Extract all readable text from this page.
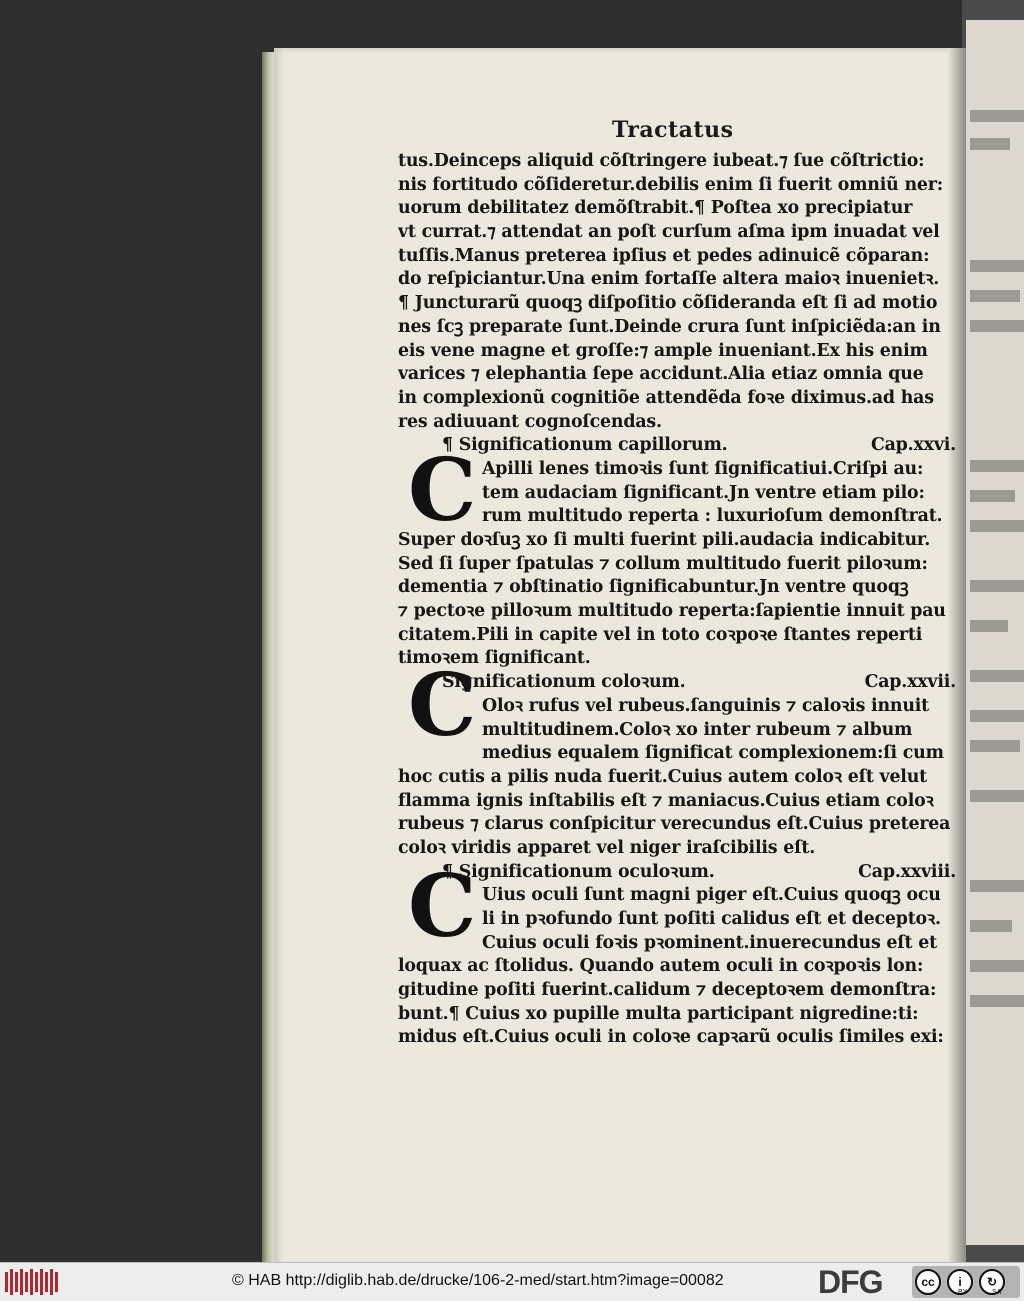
Tractatus
C
C
C
tus.Deinceps aliquid cõſtringere iubeat.⁊ ſue cõſtrictio:
nis fortitudo cõſideretur.debilis enim ſi fuerit omniũ ner:
uorum debilitatez demõſtrabit.¶ Poſtea xo precipiatur
vt currat.⁊ attendat an poſt curſum aſma ipm inuadat vel
tuſſis.Manus preterea ipſius et pedes adinuicẽ cõparan:
do reſpiciantur.Una enim fortaſſe altera maioꝛ inuenietꝛ.
¶ Juncturarũ quoqꝫ diſpoſitio cõſideranda eſt ſi ad motio
nes ſcꝫ preparate ſunt.Deinde crura ſunt inſpiciẽda:an in
eis vene magne et groſſe:⁊ ample inueniant.Ex his enim
varices ⁊ elephantia ſepe accidunt.Alia etiaz omnia que
in complexionũ cognitiõe attendẽda foꝛe diximus.ad has
res adiuuant cognoſcendas.
¶ Significationum capillorum.	Cap.xxvi.
Apilli lenes timoꝛis ſunt ſignificatiui.Criſpi au:
tem audaciam ſignificant.Jn ventre etiam pilo:
rum multitudo reperta : luxurioſum demonſtrat.
Super doꝛſuꝫ xo ſi multi fuerint pili.audacia indicabitur.
Sed ſi ſuper ſpatulas ⁊ collum multitudo fuerit piloꝛum:
dementia ⁊ obſtinatio ſignificabuntur.Jn ventre quoqꝫ
⁊ pectoꝛe pilloꝛum multitudo reperta:ſapientie innuit pau
citatem.Pili in capite vel in toto coꝛpoꝛe ſtantes reperti
timoꝛem ſignificant.
Significationum coloꝛum.	Cap.xxvii.
Oloꝛ rufus vel rubeus.ſanguinis ⁊ caloꝛis innuit
multitudinem.Coloꝛ xo inter rubeum ⁊ album
medius equalem ſignificat complexionem:ſi cum
hoc cutis a pilis nuda fuerit.Cuius autem coloꝛ eſt velut
flamma ignis inſtabilis eſt ⁊ maniacus.Cuius etiam coloꝛ
rubeus ⁊ clarus conſpicitur verecundus eſt.Cuius preterea
coloꝛ viridis apparet vel niger iraſcibilis eſt.
¶ Significationum oculoꝛum.	Cap.xxviii.
Uius oculi ſunt magni piger eſt.Cuius quoqꝫ ocu
li in pꝛofundo ſunt poſiti calidus eſt et deceptoꝛ.
Cuius oculi foꝛis pꝛominent.inuerecundus eſt et
loquax ac ſtolidus. Quando autem oculi in coꝛpoꝛis lon:
gitudine poſiti fuerint.calidum ⁊ deceptoꝛem demonſtra:
bunt.¶ Cuius xo pupille multa participant nigredine:ti:
midus eſt.Cuius oculi in coloꝛe capꝛarũ oculis ſimiles exi:
© HAB http://diglib.hab.de/drucke/106-2-med/start.htm?image=00082	DFG	cc	i	↻
BY	SA
